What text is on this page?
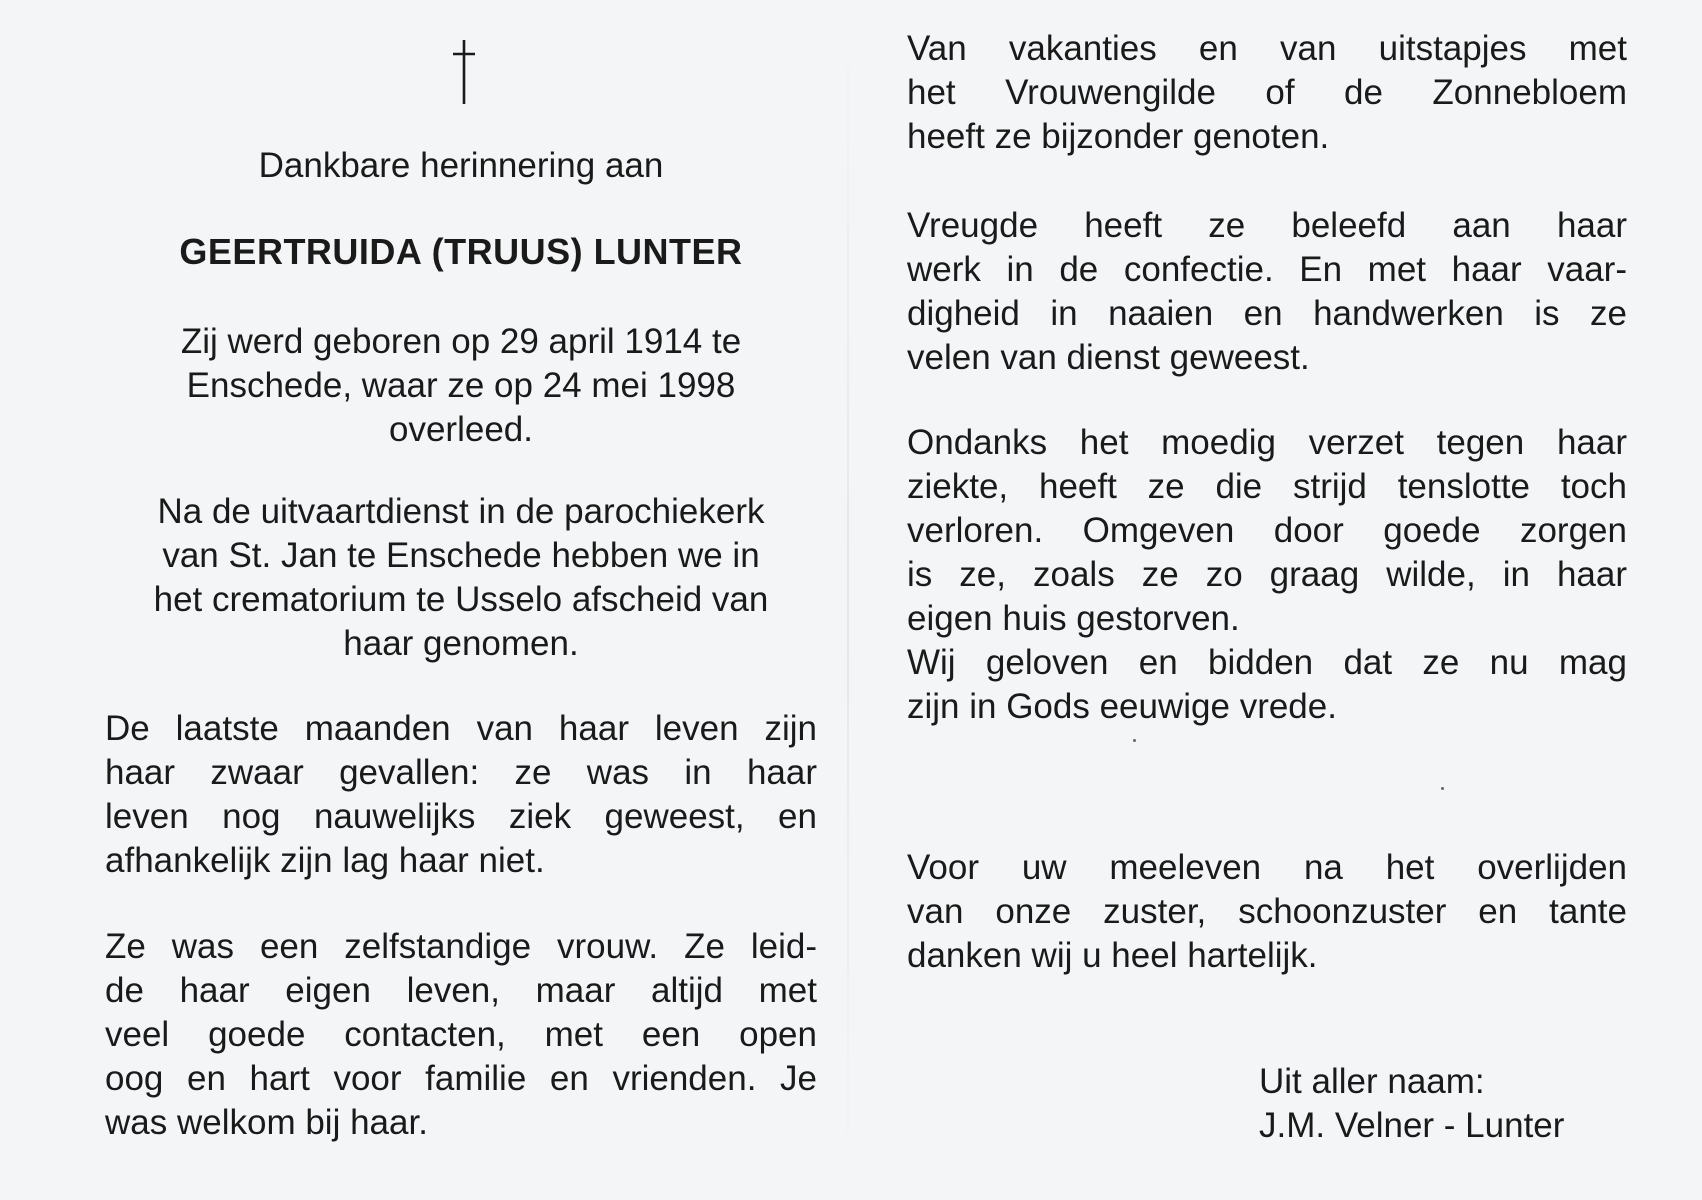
Dankbare herinnering aan
GEERTRUIDA (TRUUS) LUNTER
Zij werd geboren op 29 april 1914 te
Enschede, waar ze op 24 mei 1998
overleed.
Na de uitvaartdienst in de parochiekerk
van St. Jan te Enschede hebben we in
het crematorium te Usselo afscheid van
haar genomen.
De laatste maanden van haar leven zijn
haar zwaar gevallen: ze was in haar
leven nog nauwelijks ziek geweest, en
afhankelijk zijn lag haar niet.
Ze was een zelfstandige vrouw. Ze leid-
de haar eigen leven, maar altijd met
veel goede contacten, met een open
oog en hart voor familie en vrienden. Je
was welkom bij haar.
Van vakanties en van uitstapjes met
het Vrouwengilde of de Zonnebloem
heeft ze bijzonder genoten.
Vreugde heeft ze beleefd aan haar
werk in de confectie. En met haar vaar-
digheid in naaien en handwerken is ze
velen van dienst geweest.
Ondanks het moedig verzet tegen haar
ziekte, heeft ze die strijd tenslotte toch
verloren. Omgeven door goede zorgen
is ze, zoals ze zo graag wilde, in haar
eigen huis gestorven.
Wij geloven en bidden dat ze nu mag
zijn in Gods eeuwige vrede.
Voor uw meeleven na het overlijden
van onze zuster, schoonzuster en tante
danken wij u heel hartelijk.
Uit aller naam:
J.M. Velner - Lunter
